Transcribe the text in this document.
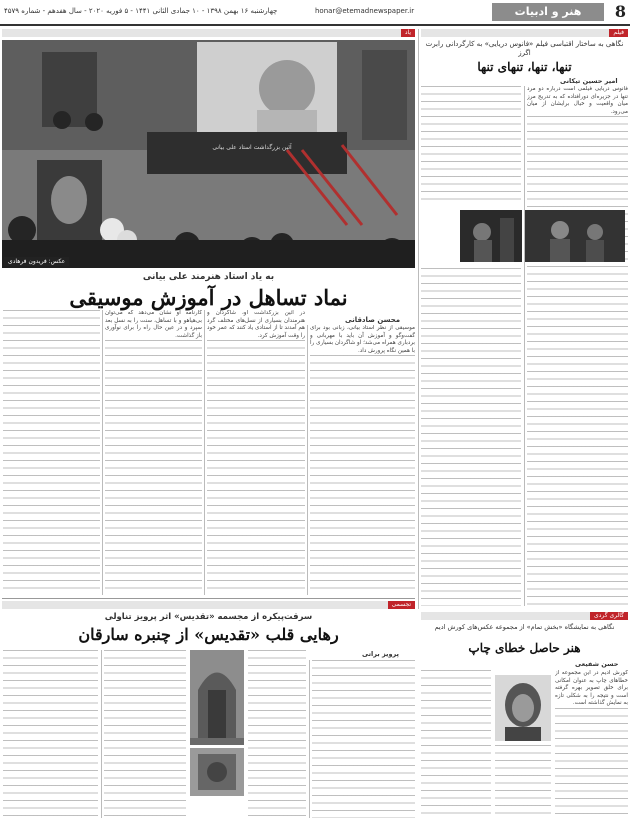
8
هنر و ادبیات
honar@etemadnewspaper.ir
چهارشنبه ۱۶ بهمن ۱۳۹۸ - ۱۰ جمادی الثانی ۱۴۴۱ - ۵ فوریه ۲۰۲۰ - سال هفدهم - شماره ۴۵۷۹
یاد
آئین بزرگداشت استاد علی بیانی
عکس: فریدون فرهادی
به یاد استاد هنرمند علی بیانی
نماد تساهل در آموزش موسیقی
محسن صادقانی
موسیقی از نظر استاد بیانی، زبانی بود برای گفت‌وگو و آموزش آن باید با مهربانی و بردباری همراه می‌شد؛ او شاگردان بسیاری را با همین نگاه پرورش داد.
در آئین بزرگداشت او، شاگردان و هنرمندان بسیاری از نسل‌های مختلف گرد هم آمدند تا از استادی یاد کنند که عمر خود را وقت آموزش کرد.
کارنامه او نشان می‌دهد که می‌توان بی‌هیاهو و با تساهل، سنت را به نسل بعد سپرد و در عین حال راه را برای نوآوری باز گذاشت.
فیلم
نگاهی به ساختار اقتباسی فیلم «فانوس دریایی» به کارگردانی رابرت اگرز
تنها، تنها، تنهای تنها
امیر حسین تیکانی
فانوس دریایی فیلمی است درباره دو مرد تنها در جزیره‌ای دورافتاده که به تدریج مرز میان واقعیت و خیال برایشان از میان می‌رود.
تجسمی
سرقت‌پیکره از مجسمه «تقدیس» اثر پرویز تناولی
رهایی قلب «تقدیس» از چنبره سارقان
پرویز براتی
گالری گردی
نگاهی به نمایشگاه «بخش تمام» از مجموعه عکس‌های کورش ادیم
هنر حاصل خطای چاپ
حسن شفیعی
کورش ادیم در این مجموعه از خطاهای چاپ به عنوان امکانی برای خلق تصویر بهره گرفته است و نتیجه را به شکلی تازه به نمایش گذاشته است.
